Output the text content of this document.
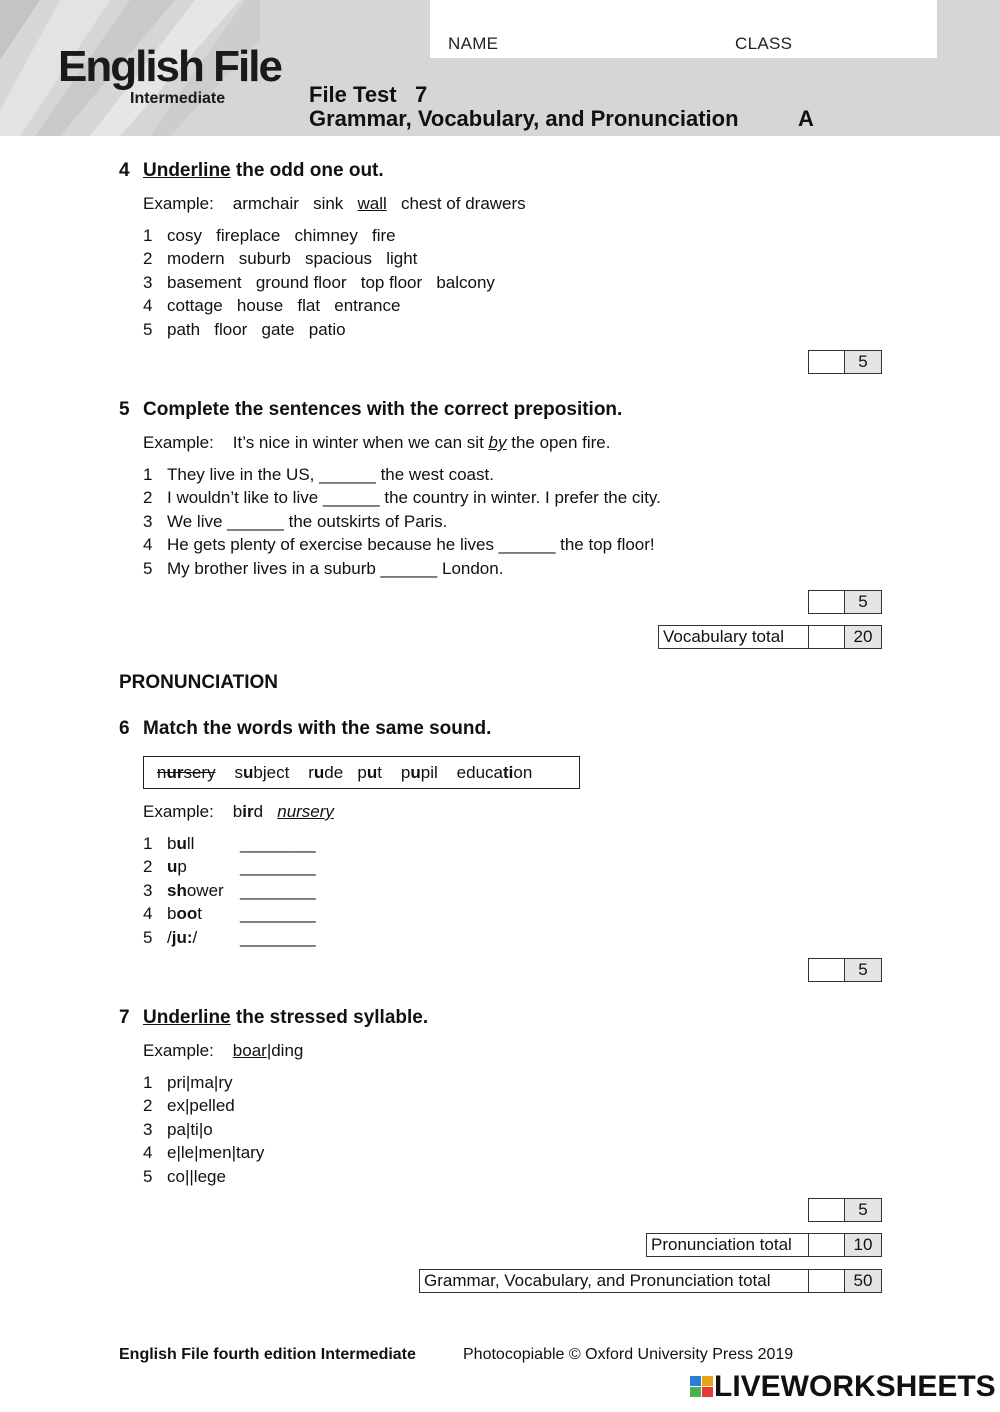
NAME	CLASS
English File
Intermediate	File Test 7
Grammar, Vocabulary, and Pronunciation	A
4 Underline the odd one out.
Example: armchair sink wall chest of drawers
1 cosy   fireplace   chimney   fire
2 modern   suburb   spacious   light
3 basement   ground floor   top floor   balcony
4 cottage   house   flat   entrance
5 path   floor   gate   patio
5
5 Complete the sentences with the correct preposition.
Example: It’s nice in winter when we can sit by the open fire.
1 They live in the US, ______ the west coast.
2 I wouldn’t like to live ______ the country in winter. I prefer the city.
3 We live ______ the outskirts of Paris.
4 He gets plenty of exercise because he lives ______ the top floor!
5 My brother lives in a suburb ______ London.
5
Vocabulary total	20
PRONUNCIATION
6 Match the words with the same sound.
nursery subject rude put pupil education
Example: bird nursery
1 bull	________
2 up	________
3 shower ________
4 boot ________
5 /ju:/	________
5
7 Underline the stressed syllable.
Example: boar|ding
1 pri|ma|ry
2 ex|pelled
3 pa|ti|o
4 e|le|men|tary
5 co||lege
5
Pronunciation total	10
Grammar, Vocabulary, and Pronunciation total	50
English File fourth edition Intermediate	Photocopiable © Oxford University Press 2019
LIVEWORKSHEETS
